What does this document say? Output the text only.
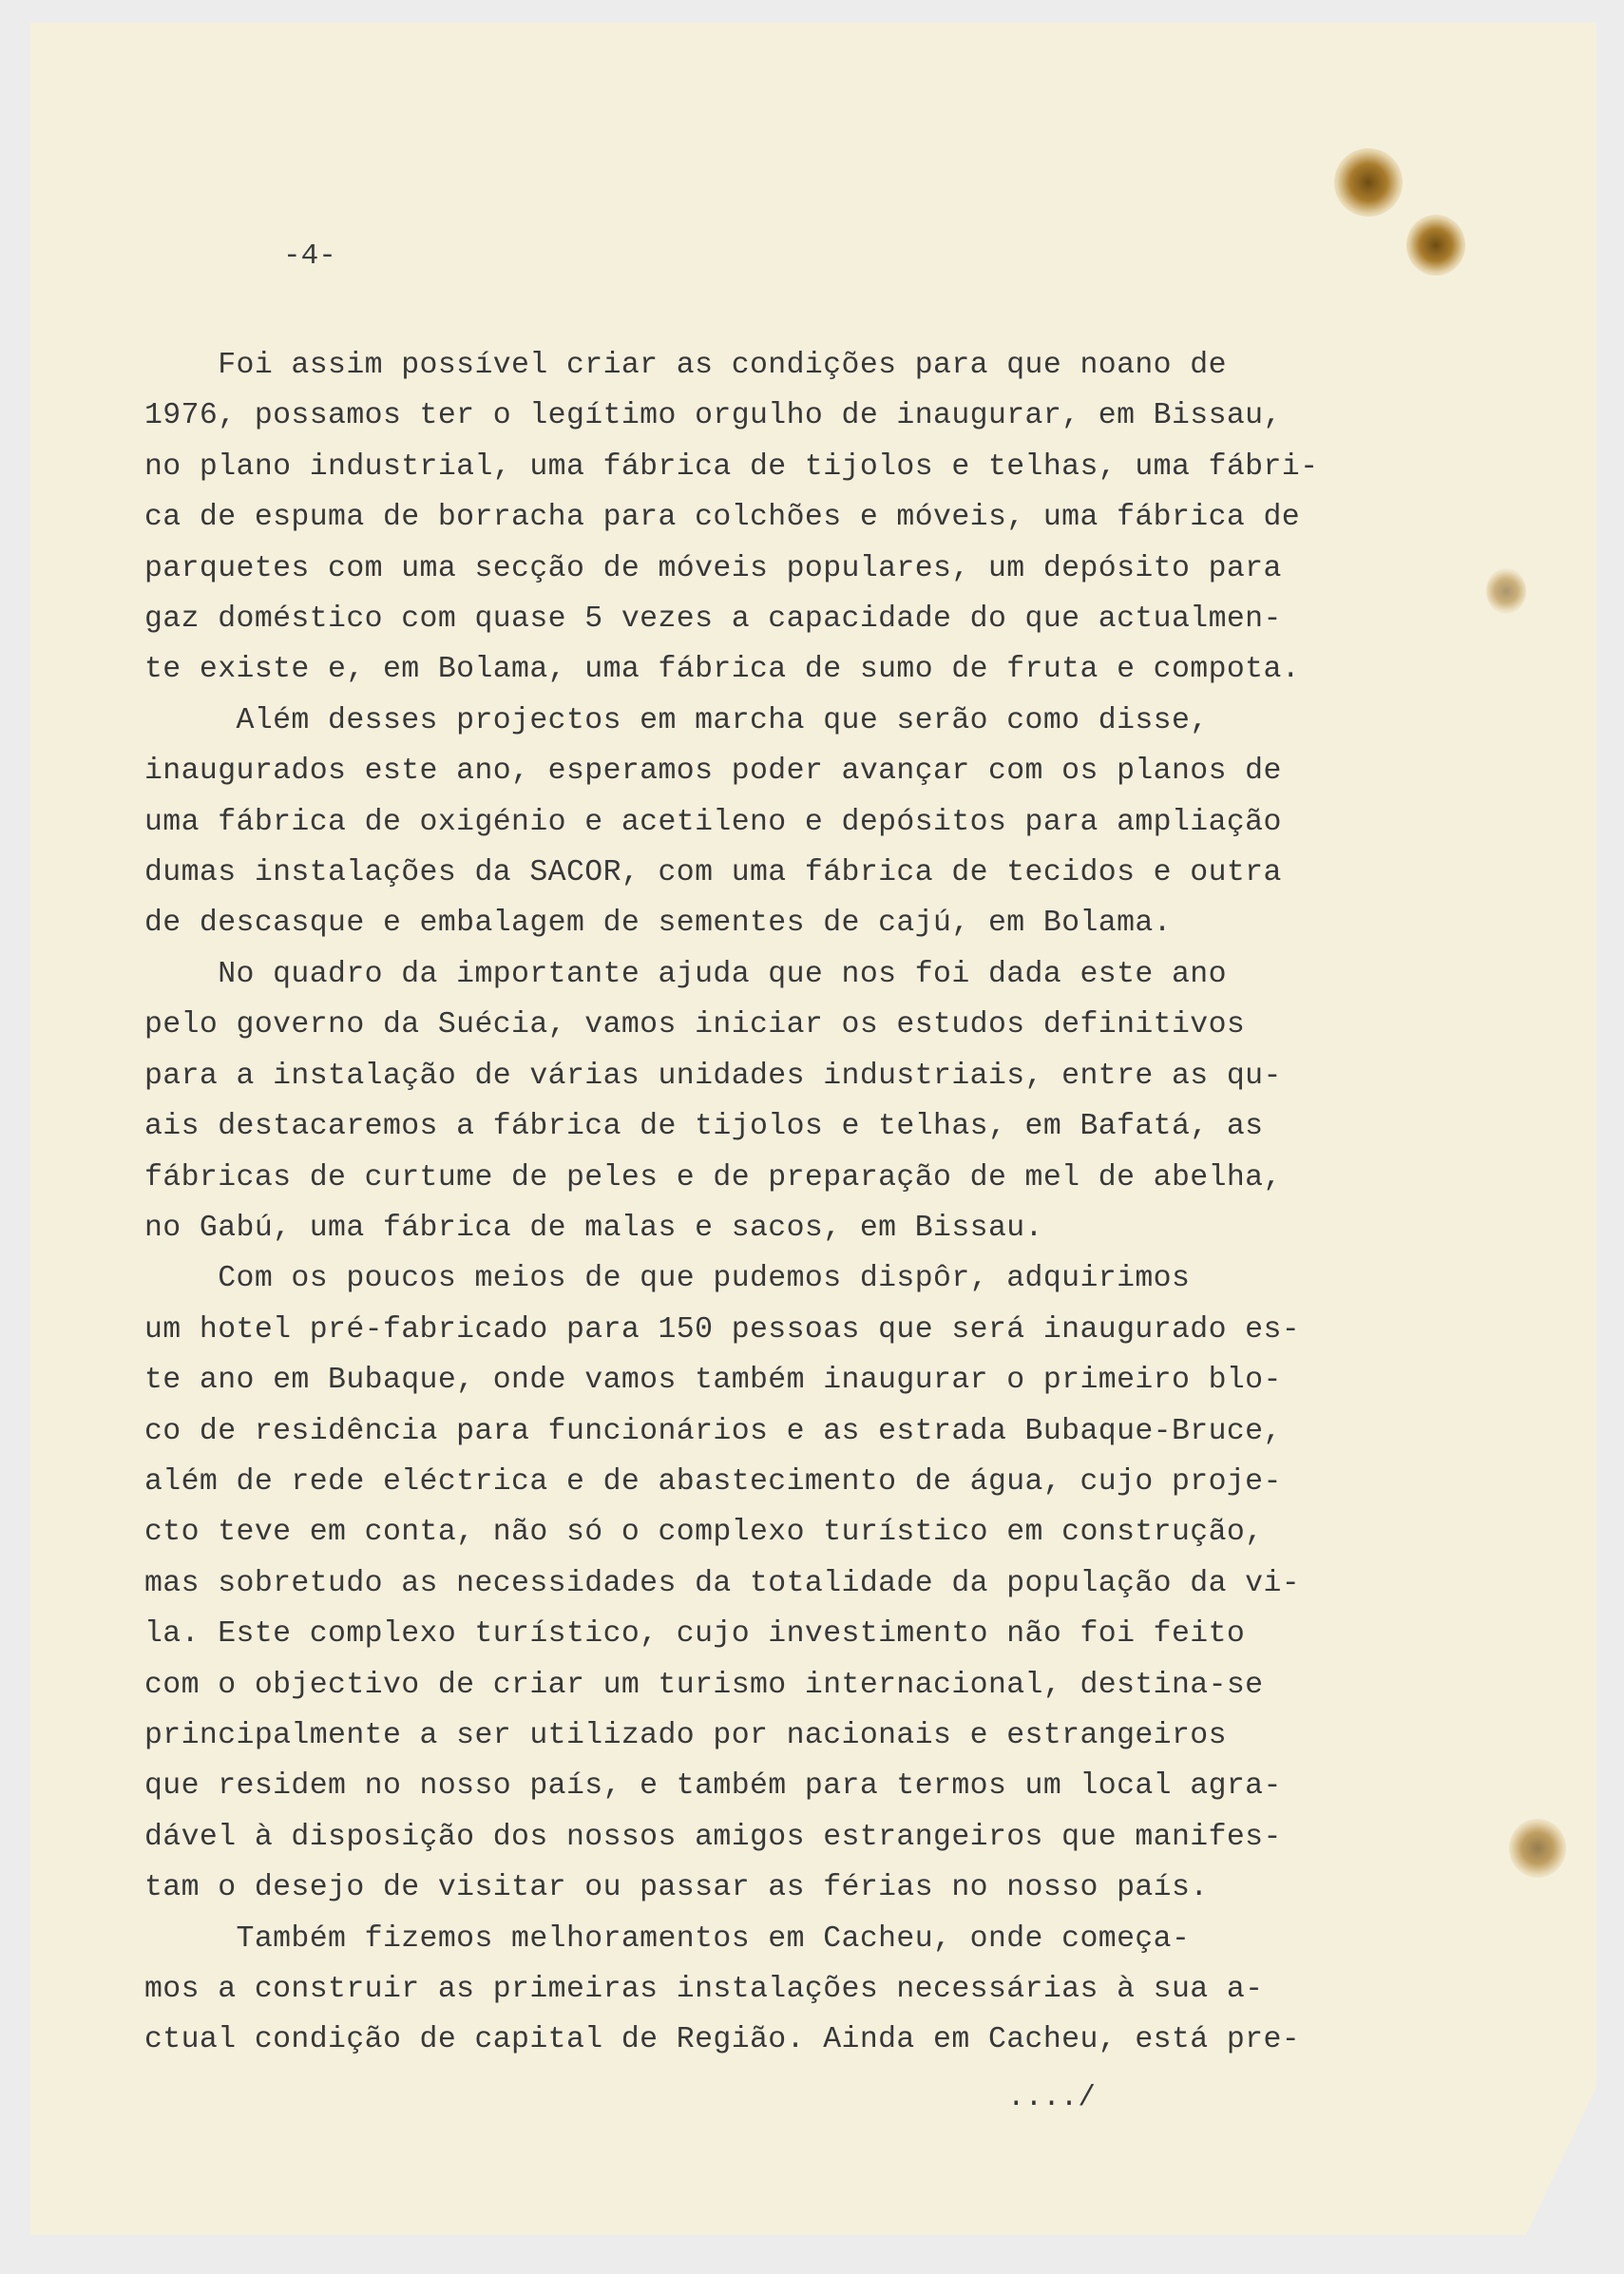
-4-

Foi assim possível criar as condições para que noano de

1976, possamos ter o legítimo orgulho de inaugurar, em Bissau,

no plano industrial, uma fábrica de tijolos e telhas, uma fábri-

ca de espuma de borracha para colchões e móveis, uma fábrica de

parquetes com uma secção de móveis populares, um depósito para

gaz doméstico com quase 5 vezes a capacidade do que actualmen-

te existe e, em Bolama, uma fábrica de sumo de fruta e compota.

Além desses projectos em marcha que serão como disse,

inaugurados este ano, esperamos poder avançar com os planos de

uma fábrica de oxigénio e acetileno e depósitos para ampliação

dumas instalações da SACOR, com uma fábrica de tecidos e outra

de descasque e embalagem de sementes de cajú, em Bolama.

No quadro da importante ajuda que nos foi dada este ano

pelo governo da Suécia, vamos iniciar os estudos definitivos

para a instalação de várias unidades industriais, entre as qu-

ais destacaremos a fábrica de tijolos e telhas, em Bafatá, as

fábricas de curtume de peles e de preparação de mel de abelha,

no Gabú, uma fábrica de malas e sacos, em Bissau.

Com os poucos meios de que pudemos dispôr, adquirimos

um hotel pré-fabricado para 150 pessoas que será inaugurado es-

te ano em Bubaque, onde vamos também inaugurar o primeiro blo-

co de residência para funcionários e as estrada Bubaque-Bruce,

além de rede eléctrica e de abastecimento de água, cujo proje-

cto teve em conta, não só o complexo turístico em construção,

mas sobretudo as necessidades da totalidade da população da vi-

la. Este complexo turístico, cujo investimento não foi feito

com o objectivo de criar um turismo internacional, destina-se

principalmente a ser utilizado por nacionais e estrangeiros

que residem no nosso país, e também para termos um local agra-

dável à disposição dos nossos amigos estrangeiros que manifes-

tam o desejo de visitar ou passar as férias no nosso país.

Também fizemos melhoramentos em Cacheu, onde começa-

mos a construir as primeiras instalações necessárias à sua a-

ctual condição de capital de Região. Ainda em Cacheu, está pre-

..../
